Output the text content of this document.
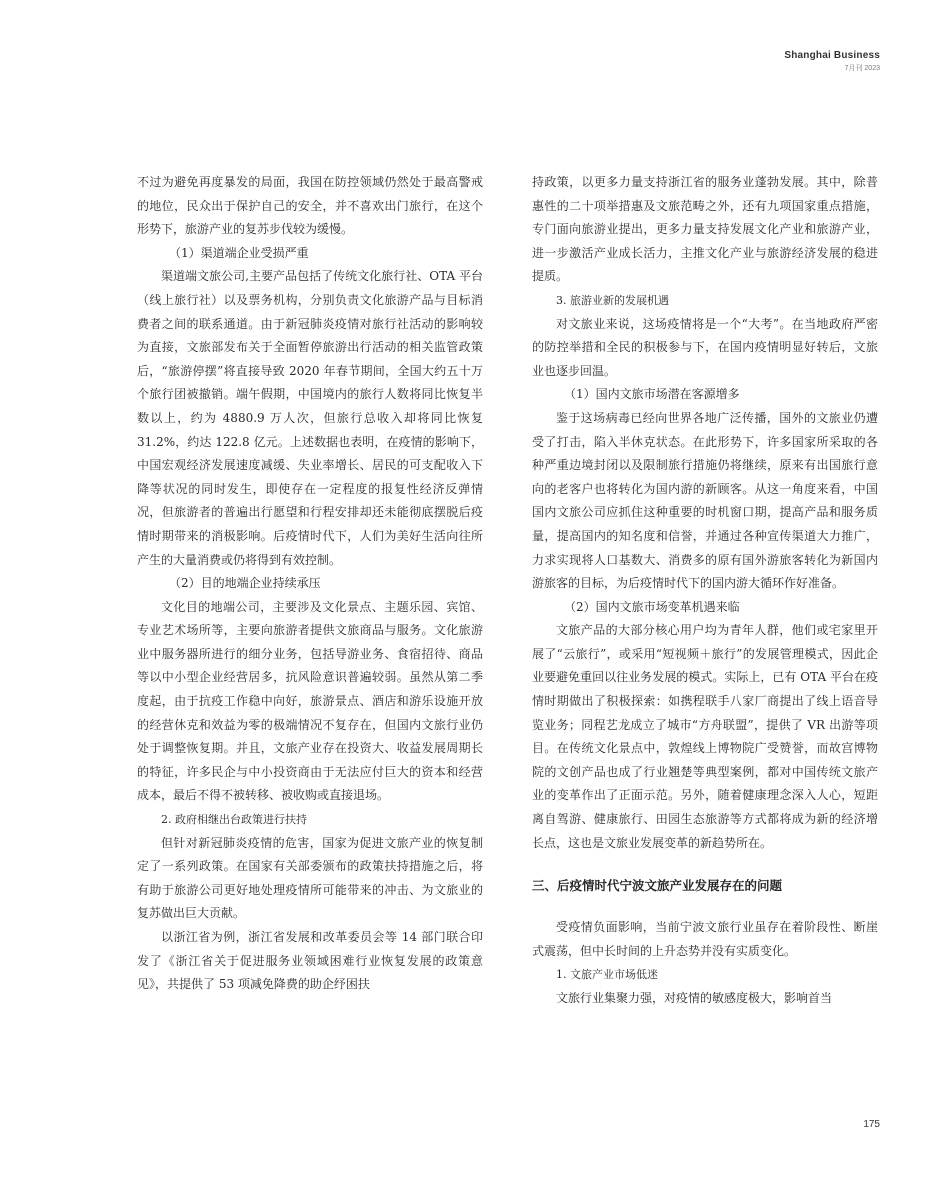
Shanghai Business
7月刊 2023

不过为避免再度暴发的局面，我国在防控领域仍然处于最高警戒的地位，民众出于保护自己的安全，并不喜欢出门旅行，在这个形势下，旅游产业的复苏步伐较为缓慢。

（1）渠道端企业受损严重

渠道端文旅公司,主要产品包括了传统文化旅行社、OTA 平台（线上旅行社）以及票务机构，分别负责文化旅游产品与目标消费者之间的联系通道。由于新冠肺炎疫情对旅行社活动的影响较为直接，文旅部发布关于全面暂停旅游出行活动的相关监管政策后，“旅游停摆”将直接导致 2020 年春节期间，全国大约五十万个旅行团被撤销。端午假期，中国境内的旅行人数将同比恢复半数以上，约为 4880.9 万人次，但旅行总收入却将同比恢复 31.2%，约达 122.8 亿元。上述数据也表明，在疫情的影响下，中国宏观经济发展速度减缓、失业率增长、居民的可支配收入下降等状况的同时发生，即使存在一定程度的报复性经济反弹情况，但旅游者的普遍出行愿望和行程安排却还未能彻底摆脱后疫情时期带来的消极影响。后疫情时代下，人们为美好生活向往所产生的大量消费或仍将得到有效控制。

（2）目的地端企业持续承压

文化目的地端公司，主要涉及文化景点、主题乐园、宾馆、专业艺术场所等，主要向旅游者提供文旅商品与服务。文化旅游业中服务器所进行的细分业务，包括导游业务、食宿招待、商品等以中小型企业经营居多，抗风险意识普遍较弱。虽然从第二季度起，由于抗疫工作稳中向好，旅游景点、酒店和游乐设施开放的经营休克和效益为零的极端情况不复存在，但国内文旅行业仍处于调整恢复期。并且，文旅产业存在投资大、收益发展周期长的特征，许多民企与中小投资商由于无法应付巨大的资本和经营成本，最后不得不被转移、被收购或直接退场。

2. 政府相继出台政策进行扶持

但针对新冠肺炎疫情的危害，国家为促进文旅产业的恢复制定了一系列政策。在国家有关部委颁布的政策扶持措施之后，将有助于旅游公司更好地处理疫情所可能带来的冲击、为文旅业的复苏做出巨大贡献。

以浙江省为例，浙江省发展和改革委员会等 14 部门联合印发了《浙江省关于促进服务业领域困难行业恢复发展的政策意见》，共提供了 53 项减免降费的助企纾困扶

持政策，以更多力量支持浙江省的服务业蓬勃发展。其中，除普惠性的二十项举措惠及文旅范畴之外，还有九项国家重点措施，专门面向旅游业提出，更多力量支持发展文化产业和旅游产业，进一步激活产业成长活力，主推文化产业与旅游经济发展的稳进提质。

3. 旅游业新的发展机遇

对文旅业来说，这场疫情将是一个“大考”。在当地政府严密的防控举措和全民的积极参与下，在国内疫情明显好转后，文旅业也逐步回温。

（1）国内文旅市场潜在客源增多

鉴于这场病毒已经向世界各地广泛传播，国外的文旅业仍遭受了打击，陷入半休克状态。在此形势下，许多国家所采取的各种严重边境封闭以及限制旅行措施仍将继续，原来有出国旅行意向的老客户也将转化为国内游的新顾客。从这一角度来看，中国国内文旅公司应抓住这种重要的时机窗口期，提高产品和服务质量，提高国内的知名度和信誉，并通过各种宣传渠道大力推广，力求实现将人口基数大、消费多的原有国外游旅客转化为新国内游旅客的目标，为后疫情时代下的国内游大循环作好准备。

（2）国内文旅市场变革机遇来临

文旅产品的大部分核心用户均为青年人群，他们或宅家里开展了“云旅行”，或采用“短视频＋旅行”的发展管理模式，因此企业要避免重回以往业务发展的模式。实际上，已有 OTA 平台在疫情时期做出了积极探索：如携程联手八家厂商提出了线上语音导览业务；同程艺龙成立了城市“方舟联盟”，提供了 VR 出游等项目。在传统文化景点中，敦煌线上博物院广受赞誉，而故宫博物院的文创产品也成了行业翘楚等典型案例，都对中国传统文旅产业的变革作出了正面示范。另外，随着健康理念深入人心，短距离自驾游、健康旅行、田园生态旅游等方式都将成为新的经济增长点，这也是文旅业发展变革的新趋势所在。

三、后疫情时代宁波文旅产业发展存在的问题

受疫情负面影响，当前宁波文旅行业虽存在着阶段性、断崖式震荡，但中长时间的上升态势并没有实质变化。

1. 文旅产业市场低迷

文旅行业集聚力强，对疫情的敏感度极大，影响首当

175
